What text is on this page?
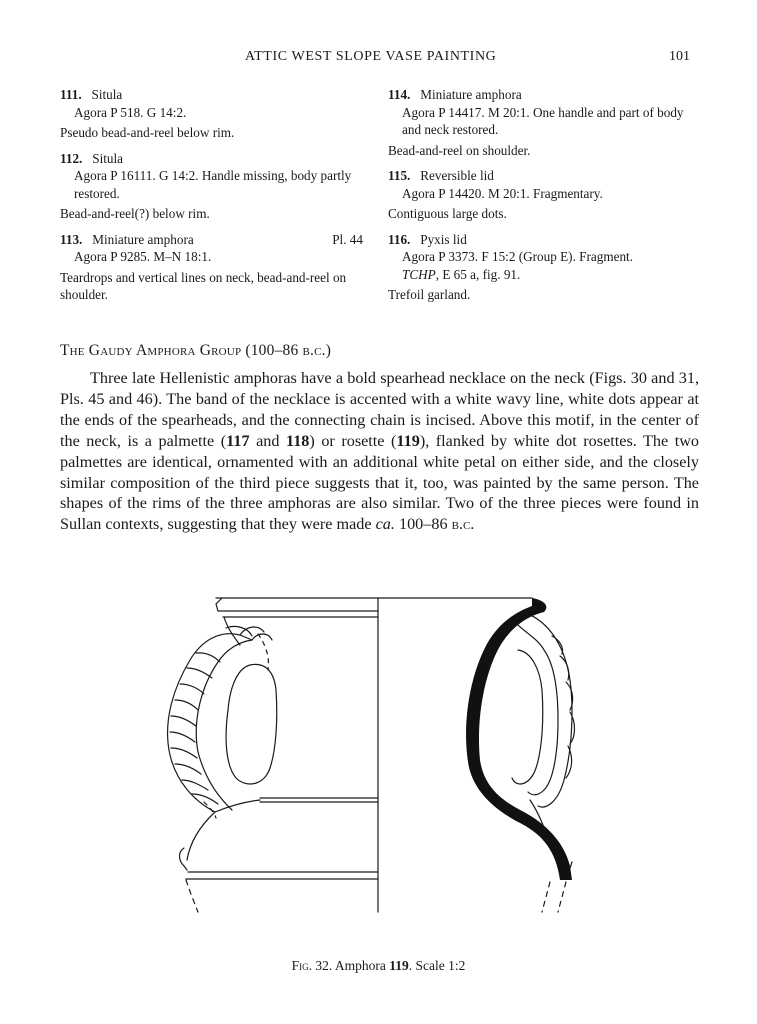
ATTIC WEST SLOPE VASE PAINTING	101
111. Situla
Agora P 518. G 14:2.
Pseudo bead-and-reel below rim.
112. Situla
Agora P 16111. G 14:2. Handle missing, body partly restored.
Bead-and-reel(?) below rim.
113. Miniature amphora	Pl. 44
Agora P 9285. M–N 18:1.
Teardrops and vertical lines on neck, bead-and-reel on shoulder.
114. Miniature amphora
Agora P 14417. M 20:1. One handle and part of body and neck restored.
Bead-and-reel on shoulder.
115. Reversible lid
Agora P 14420. M 20:1. Fragmentary.
Contiguous large dots.
116. Pyxis lid
Agora P 3373. F 15:2 (Group E). Fragment.
TCHP, E 65 a, fig. 91.
Trefoil garland.
The Gaudy Amphora Group (100–86 b.c.)

Three late Hellenistic amphoras have a bold spearhead necklace on the neck (Figs. 30 and 31, Pls. 45 and 46). The band of the necklace is accented with a white wavy line, white dots appear at the ends of the spearheads, and the connecting chain is incised. Above this motif, in the center of the neck, is a palmette (117 and 118) or rosette (119), flanked by white dot rosettes. The two palmettes are identical, ornamented with an additional white petal on either side, and the closely similar composition of the third piece suggests that it, too, was painted by the same person. The shapes of the rims of the three amphoras are also similar. Two of the three pieces were found in Sullan contexts, suggesting that they were made ca. 100–86 b.c.

Fig. 32. Amphora 119. Scale 1:2
